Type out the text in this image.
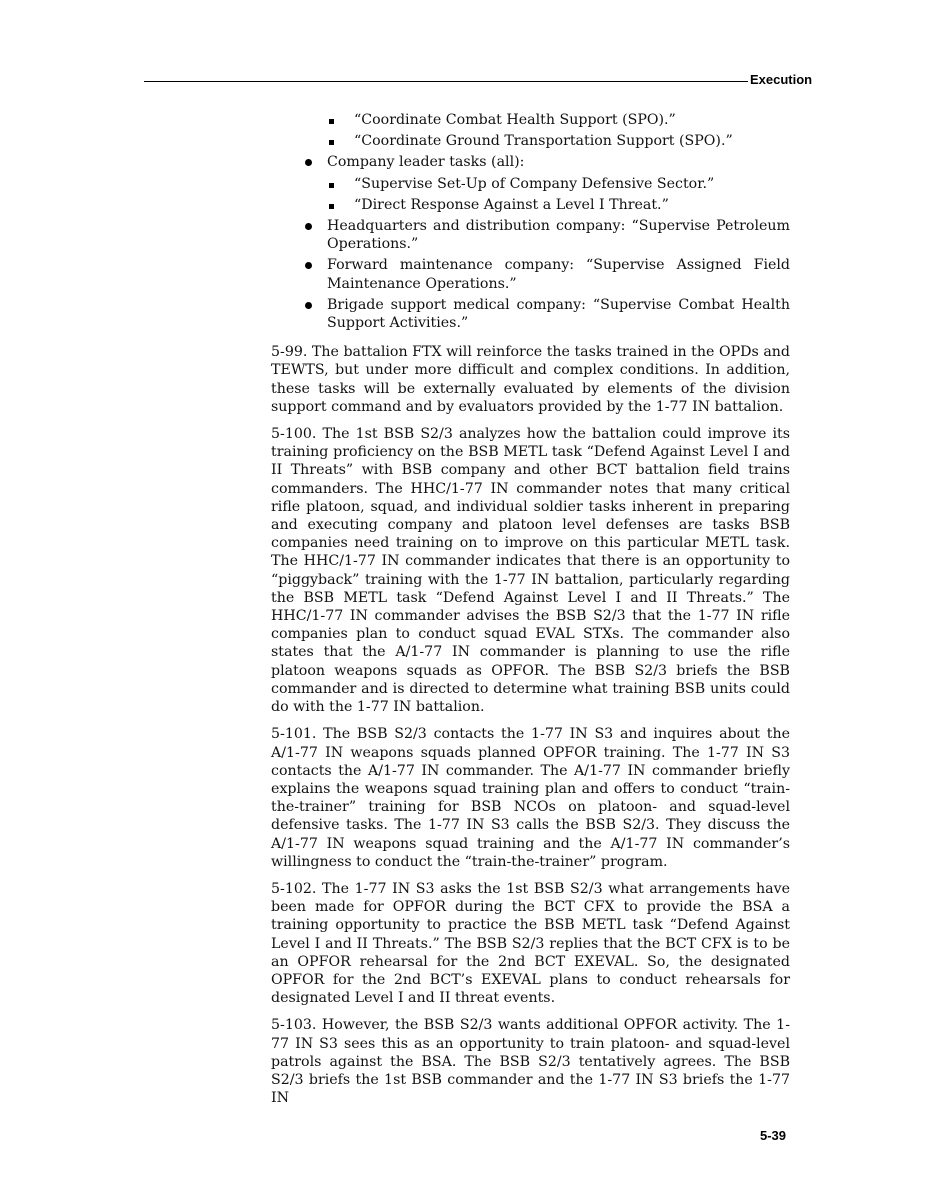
Execution
“Coordinate Combat Health Support (SPO).”
“Coordinate Ground Transportation Support (SPO).”
Company leader tasks (all):
“Supervise Set-Up of Company Defensive Sector.”
“Direct Response Against a Level I Threat.”
Headquarters and distribution company: “Supervise Petroleum Operations.”
Forward maintenance company: “Supervise Assigned Field Maintenance Operations.”
Brigade support medical company: “Supervise Combat Health Support Activities.”

5-99. The battalion FTX will reinforce the tasks trained in the OPDs and TEWTS, but under more difficult and complex conditions. In addition, these tasks will be externally evaluated by elements of the division support command and by evaluators provided by the 1-77 IN battalion.

5-100. The 1st BSB S2/3 analyzes how the battalion could improve its training proficiency on the BSB METL task “Defend Against Level I and II Threats” with BSB company and other BCT battalion field trains commanders. The HHC/1-77 IN commander notes that many critical rifle platoon, squad, and individual soldier tasks inherent in preparing and executing company and platoon level defenses are tasks BSB companies need training on to improve on this particular METL task. The HHC/1-77 IN commander indicates that there is an opportunity to “piggyback” training with the 1-77 IN battalion, particularly regarding the BSB METL task “Defend Against Level I and II Threats.” The HHC/1-77 IN commander advises the BSB S2/3 that the 1-77 IN rifle companies plan to conduct squad EVAL STXs. The commander also states that the A/1-77 IN commander is planning to use the rifle platoon weapons squads as OPFOR. The BSB S2/3 briefs the BSB commander and is directed to determine what training BSB units could do with the 1-77 IN battalion.

5-101. The BSB S2/3 contacts the 1-77 IN S3 and inquires about the A/1-77 IN weapons squads planned OPFOR training. The 1-77 IN S3 contacts the A/1-77 IN commander. The A/1-77 IN commander briefly explains the weapons squad training plan and offers to conduct “train-the-trainer” training for BSB NCOs on platoon- and squad-level defensive tasks. The 1-77 IN S3 calls the BSB S2/3. They discuss the A/1-77 IN weapons squad training and the A/1-77 IN commander’s willingness to conduct the “train-the-trainer” program.

5-102. The 1-77 IN S3 asks the 1st BSB S2/3 what arrangements have been made for OPFOR during the BCT CFX to provide the BSA a training opportunity to practice the BSB METL task “Defend Against Level I and II Threats.” The BSB S2/3 replies that the BCT CFX is to be an OPFOR rehearsal for the 2nd BCT EXEVAL. So, the designated OPFOR for the 2nd BCT’s EXEVAL plans to conduct rehearsals for designated Level I and II threat events.

5-103. However, the BSB S2/3 wants additional OPFOR activity. The 1-77 IN S3 sees this as an opportunity to train platoon- and squad-level patrols against the BSA. The BSB S2/3 tentatively agrees. The BSB S2/3 briefs the 1st BSB commander and the 1-77 IN S3 briefs the 1-77 IN

5-39
